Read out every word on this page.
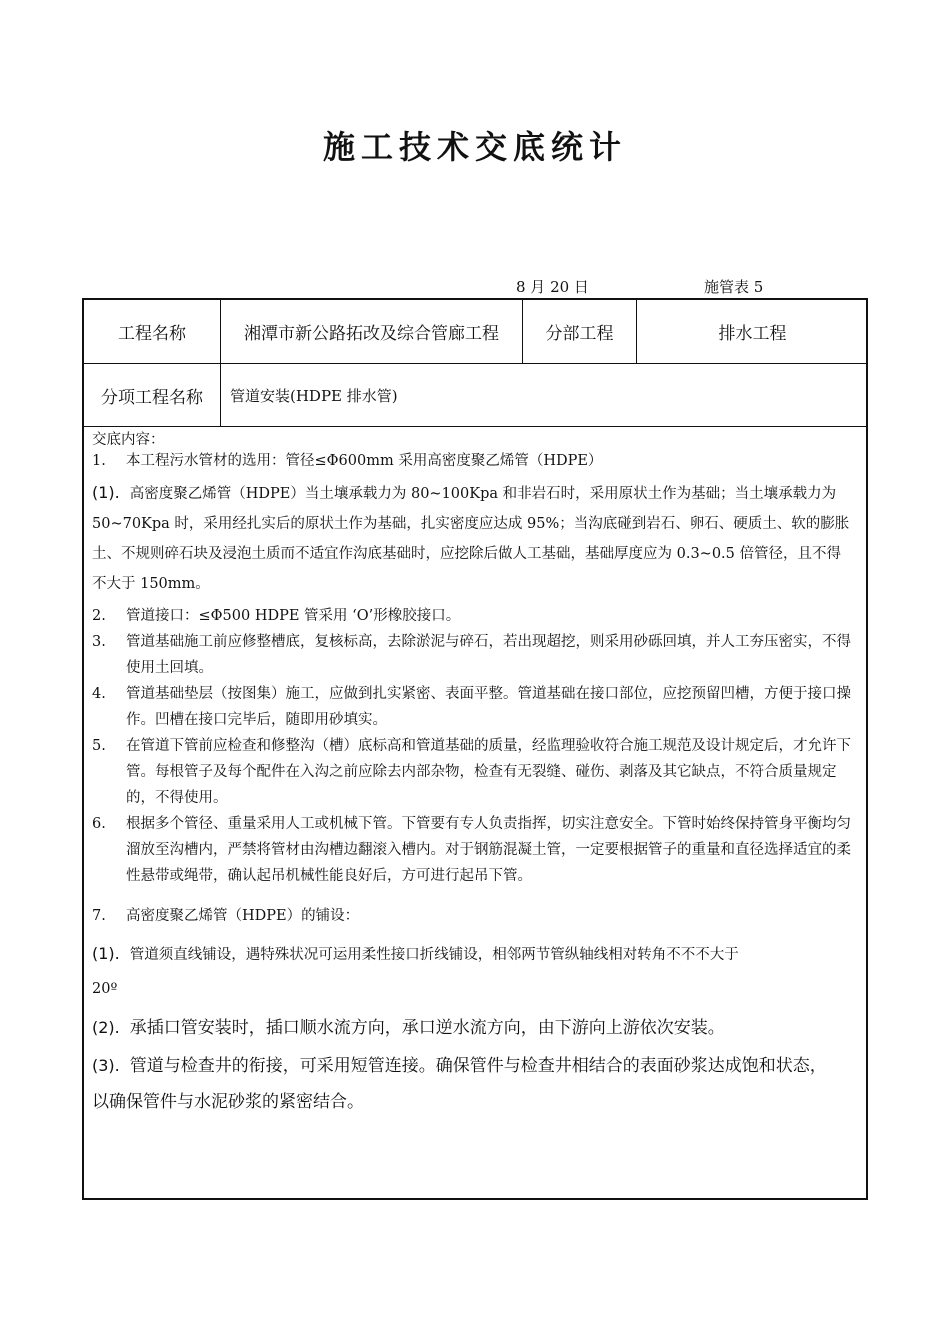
施工技术交底统计
8 月 20 日	施管表 5
工程名称	湘潭市新公路拓改及综合管廊工程	分部工程	排水工程
分项工程名称	管道安装(HDPE 排水管)

交底内容：

1.	本工程污水管材的选用：管径≤Φ600mm 采用高密度聚乙烯管（HDPE）

(1). 高密度聚乙烯管（HDPE）当土壤承载力为 80~100Kpa 和非岩石时，采用原状土作为基础；当土壤承载力为 50~70Kpa 时，采用经扎实后的原状土作为基础，扎实密度应达成 95%；当沟底碰到岩石、卵石、硬质土、软的膨胀土、不规则碎石块及浸泡土质而不适宜作沟底基础时，应挖除后做人工基础，基础厚度应为 0.3~0.5 倍管径，且不得不大于 150mm。

2.	管道接口：≤Φ500 HDPE 管采用 ‘O’形橡胶接口。
3.	管道基础施工前应修整槽底，复核标高，去除淤泥与碎石，若出现超挖，则采用砂砾回填，并人工夯压密实，不得使用土回填。
4.	管道基础垫层（按图集）施工，应做到扎实紧密、表面平整。管道基础在接口部位，应挖预留凹槽，方便于接口操作。凹槽在接口完毕后，随即用砂填实。
5.	在管道下管前应检查和修整沟（槽）底标高和管道基础的质量，经监理验收符合施工规范及设计规定后，才允许下管。每根管子及每个配件在入沟之前应除去内部杂物，检查有无裂缝、碰伤、剥落及其它缺点，不符合质量规定的，不得使用。
6.	根据多个管径、重量采用人工或机械下管。下管要有专人负责指挥，切实注意安全。下管时始终保持管身平衡均匀溜放至沟槽内，严禁将管材由沟槽边翻滚入槽内。对于钢筋混凝土管，一定要根据管子的重量和直径选择适宜的柔性悬带或绳带，确认起吊机械性能良好后，方可进行起吊下管。
7.	高密度聚乙烯管（HDPE）的铺设：

(1). 管道须直线铺设，遇特殊状况可运用柔性接口折线铺设，相邻两节管纵轴线相对转角不不不大于

20º

(2). 承插口管安装时，插口顺水流方向，承口逆水流方向，由下游向上游依次安装。

(3). 管道与检查井的衔接，可采用短管连接。确保管件与检查井相结合的表面砂浆达成饱和状态，以确保管件与水泥砂浆的紧密结合。
